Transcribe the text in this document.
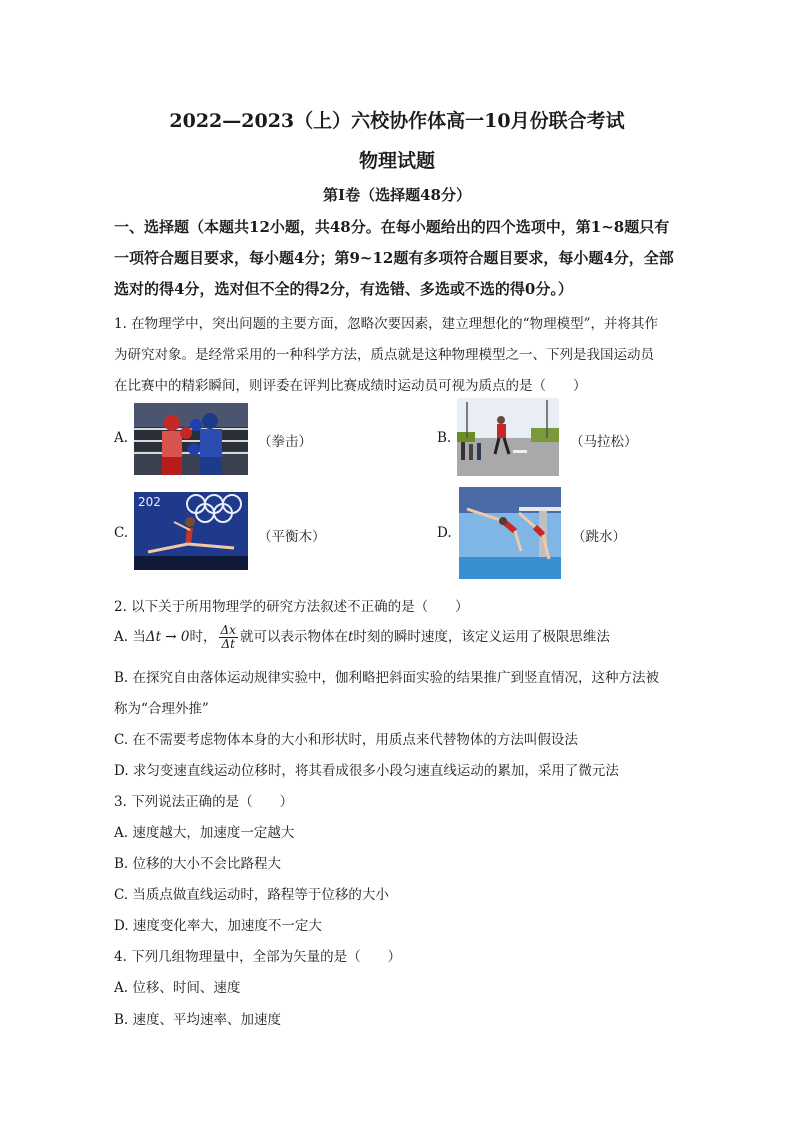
2022—2023（上）六校协作体高一10月份联合考试
物理试题
第Ⅰ卷（选择题48分）
一、选择题（本题共12小题，共48分。在每小题给出的四个选项中，第1~8题只有一项符合题目要求，每小题4分；第9~12题有多项符合题目要求，每小题4分，全部选对的得4分，选对但不全的得2分，有选错、多选或不选的得0分。）
1. 在物理学中，突出问题的主要方面，忽略次要因素，建立理想化的“物理模型”，并将其作
为研究对象。是经常采用的一种科学方法，质点就是这种物理模型之一、下列是我国运动员
在比赛中的精彩瞬间，则评委在评判比赛成绩时运动员可视为质点的是（　　）
A.	（拳击）	B.	（马拉松）
C.
202
（平衡木）	D.	（跳水）
2. 以下关于所用物理学的研究方法叙述不正确的是（　　）
A. 当Δt → 0时， $\frac{\Delta x}{\Delta t}$ 就可以表示物体在t时刻的瞬时速度，该定义运用了极限思维法
B. 在探究自由落体运动规律实验中，伽利略把斜面实验的结果推广到竖直情况，这种方法被
称为“合理外推”
C. 在不需要考虑物体本身的大小和形状时，用质点来代替物体的方法叫假设法
D. 求匀变速直线运动位移时，将其看成很多小段匀速直线运动的累加，采用了微元法
3. 下列说法正确的是（　　）
A. 速度越大，加速度一定越大
B. 位移的大小不会比路程大
C. 当质点做直线运动时，路程等于位移的大小
D. 速度变化率大，加速度不一定大
4. 下列几组物理量中，全部为矢量的是（　　）
A. 位移、时间、速度
B. 速度、平均速率、加速度
